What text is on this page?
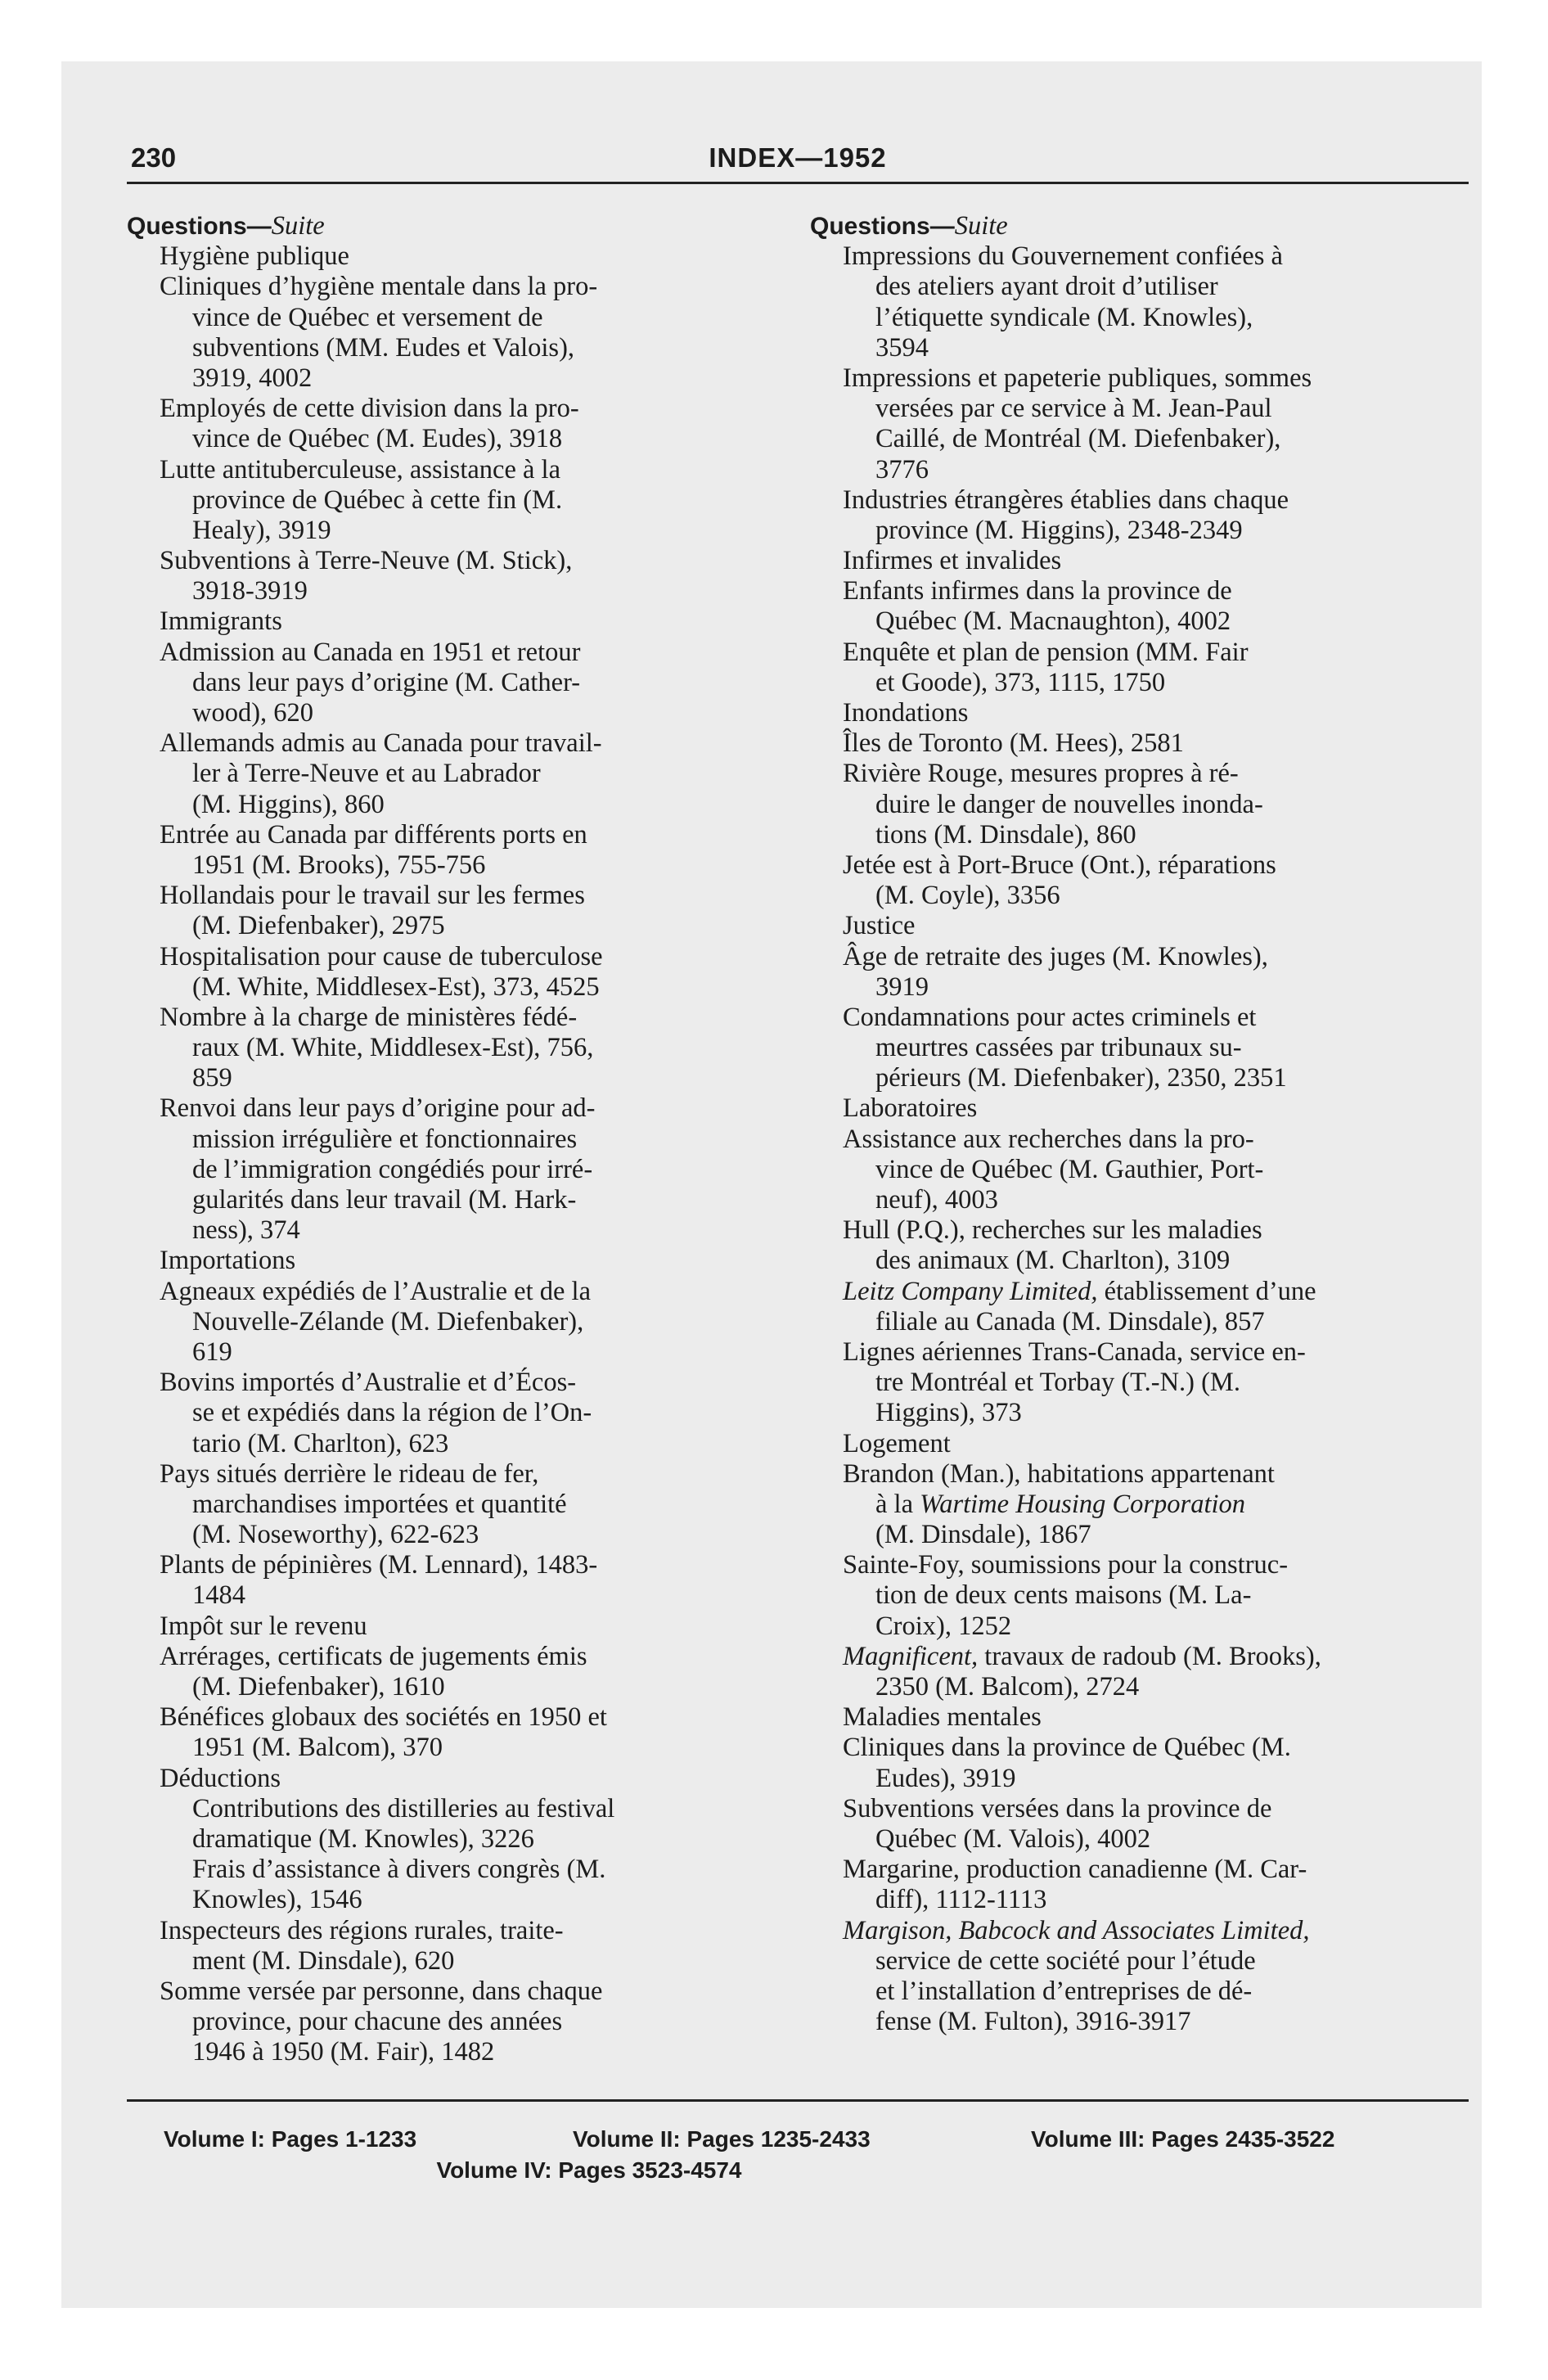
230	INDEX—1952
Questions—Suite
Hygiène publique
Cliniques d’hygiène mentale dans la pro-
vince de Québec et versement de
subventions (MM. Eudes et Valois),
3919, 4002
Employés de cette division dans la pro-
vince de Québec (M. Eudes), 3918
Lutte antituberculeuse, assistance à la
province de Québec à cette fin (M.
Healy), 3919
Subventions à Terre-Neuve (M. Stick),
3918-3919
Immigrants
Admission au Canada en 1951 et retour
dans leur pays d’origine (M. Cather-
wood), 620
Allemands admis au Canada pour travail-
ler à Terre-Neuve et au Labrador
(M. Higgins), 860
Entrée au Canada par différents ports en
1951 (M. Brooks), 755-756
Hollandais pour le travail sur les fermes
(M. Diefenbaker), 2975
Hospitalisation pour cause de tuberculose
(M. White, Middlesex-Est), 373, 4525
Nombre à la charge de ministères fédé-
raux (M. White, Middlesex-Est), 756,
859
Renvoi dans leur pays d’origine pour ad-
mission irrégulière et fonctionnaires
de l’immigration congédiés pour irré-
gularités dans leur travail (M. Hark-
ness), 374
Importations
Agneaux expédiés de l’Australie et de la
Nouvelle-Zélande (M. Diefenbaker),
619
Bovins importés d’Australie et d’Écos-
se et expédiés dans la région de l’On-
tario (M. Charlton), 623
Pays situés derrière le rideau de fer,
marchandises importées et quantité
(M. Noseworthy), 622-623
Plants de pépinières (M. Lennard), 1483-
1484
Impôt sur le revenu
Arrérages, certificats de jugements émis
(M. Diefenbaker), 1610
Bénéfices globaux des sociétés en 1950 et
1951 (M. Balcom), 370
Déductions
Contributions des distilleries au festival
dramatique (M. Knowles), 3226
Frais d’assistance à divers congrès (M.
Knowles), 1546
Inspecteurs des régions rurales, traite-
ment (M. Dinsdale), 620
Somme versée par personne, dans chaque
province, pour chacune des années
1946 à 1950 (M. Fair), 1482
Questions—Suite
Impressions du Gouvernement confiées à
des ateliers ayant droit d’utiliser
l’étiquette syndicale (M. Knowles),
3594
Impressions et papeterie publiques, sommes
versées par ce service à M. Jean-Paul
Caillé, de Montréal (M. Diefenbaker),
3776
Industries étrangères établies dans chaque
province (M. Higgins), 2348-2349
Infirmes et invalides
Enfants infirmes dans la province de
Québec (M. Macnaughton), 4002
Enquête et plan de pension (MM. Fair
et Goode), 373, 1115, 1750
Inondations
Îles de Toronto (M. Hees), 2581
Rivière Rouge, mesures propres à ré-
duire le danger de nouvelles inonda-
tions (M. Dinsdale), 860
Jetée est à Port-Bruce (Ont.), réparations
(M. Coyle), 3356
Justice
Âge de retraite des juges (M. Knowles),
3919
Condamnations pour actes criminels et
meurtres cassées par tribunaux su-
périeurs (M. Diefenbaker), 2350, 2351
Laboratoires
Assistance aux recherches dans la pro-
vince de Québec (M. Gauthier, Port-
neuf), 4003
Hull (P.Q.), recherches sur les maladies
des animaux (M. Charlton), 3109
Leitz Company Limited, établissement d’une
filiale au Canada (M. Dinsdale), 857
Lignes aériennes Trans-Canada, service en-
tre Montréal et Torbay (T.-N.) (M.
Higgins), 373
Logement
Brandon (Man.), habitations appartenant
à la Wartime Housing Corporation
(M. Dinsdale), 1867
Sainte-Foy, soumissions pour la construc-
tion de deux cents maisons (M. La-
Croix), 1252
Magnificent, travaux de radoub (M. Brooks),
2350 (M. Balcom), 2724
Maladies mentales
Cliniques dans la province de Québec (M.
Eudes), 3919
Subventions versées dans la province de
Québec (M. Valois), 4002
Margarine, production canadienne (M. Car-
diff), 1112-1113
Margison, Babcock and Associates Limited,
service de cette société pour l’étude
et l’installation d’entreprises de dé-
fense (M. Fulton), 3916-3917
Volume I: Pages 1-1233	Volume II: Pages 1235-2433	Volume III: Pages 2435-3522
Volume IV: Pages 3523-4574
